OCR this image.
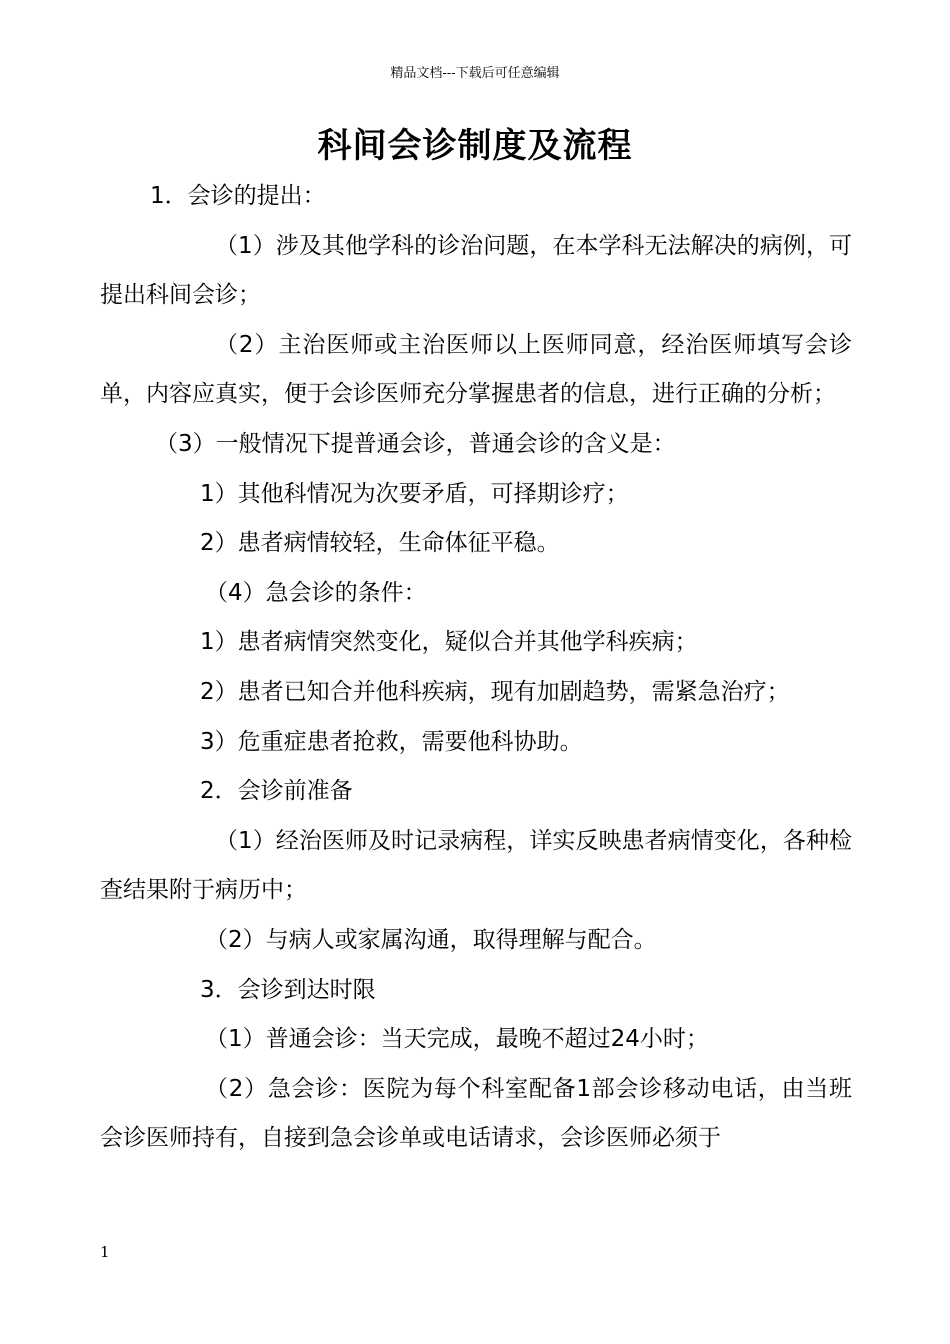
精品文档---下载后可任意编辑
科间会诊制度及流程

1．会诊的提出：

（1）涉及其他学科的诊治问题，在本学科无法解决的病例，可提出科间会诊；

（2）主治医师或主治医师以上医师同意，经治医师填写会诊单，内容应真实，便于会诊医师充分掌握患者的信息，进行正确的分析；

（3）一般情况下提普通会诊，普通会诊的含义是：

1）其他科情况为次要矛盾，可择期诊疗；

2）患者病情较轻，生命体征平稳。

（4）急会诊的条件：

1）患者病情突然变化，疑似合并其他学科疾病；

2）患者已知合并他科疾病，现有加剧趋势，需紧急治疗；

3）危重症患者抢救，需要他科协助。

2．会诊前准备

（1）经治医师及时记录病程，详实反映患者病情变化，各种检查结果附于病历中；

（2）与病人或家属沟通，取得理解与配合。

3．会诊到达时限

（1）普通会诊：当天完成，最晚不超过24小时；

（2）急会诊：医院为每个科室配备1部会诊移动电话，由当班会诊医师持有，自接到急会诊单或电话请求，会诊医师必须于

1
